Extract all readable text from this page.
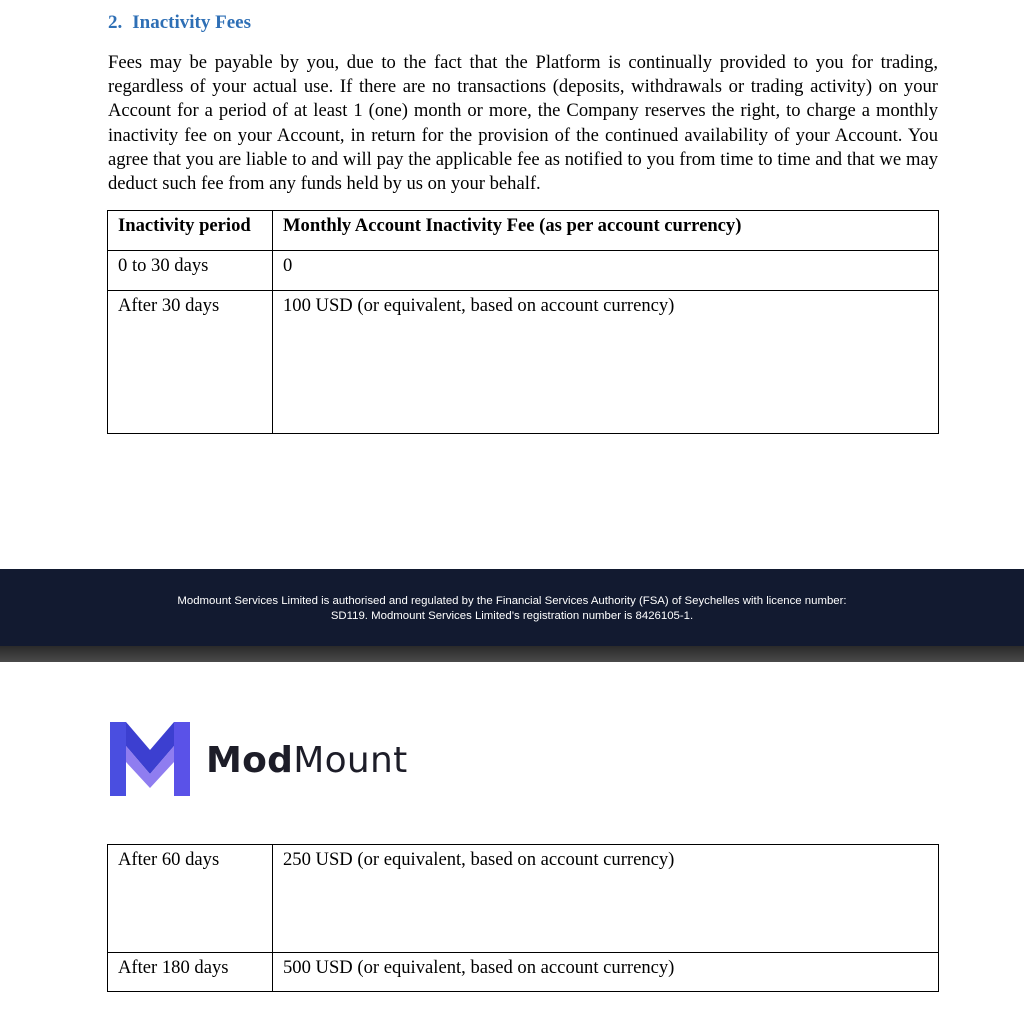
2. Inactivity Fees
Fees may be payable by you, due to the fact that the Platform is continually provided to you for trading, regardless of your actual use. If there are no transactions (deposits, withdrawals or trading activity) on your Account for a period of at least 1 (one) month or more, the Company reserves the right, to charge a monthly inactivity fee on your Account, in return for the provision of the continued availability of your Account. You agree that you are liable to and will pay the applicable fee as notified to you from time to time and that we may deduct such fee from any funds held by us on your behalf.
Inactivity period	Monthly Account Inactivity Fee (as per account currency)
0 to 30 days	0
After 30 days	100 USD (or equivalent, based on account currency)
Modmount Services Limited is authorised and regulated by the Financial Services Authority (FSA) of Seychelles with licence number:
SD119. Modmount Services Limited’s registration number is 8426105-1.
ModMount
After 60 days	250 USD (or equivalent, based on account currency)
After 180 days	500 USD (or equivalent, based on account currency)
